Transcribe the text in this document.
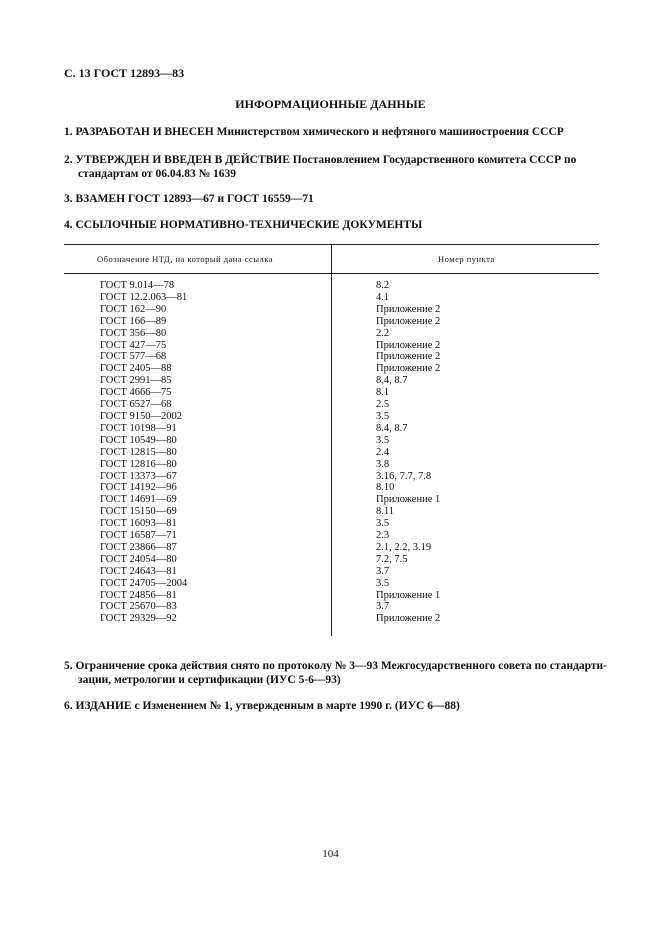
С. 13 ГОСТ 12893—83
ИНФОРМАЦИОННЫЕ ДАННЫЕ
1. РАЗРАБОТАН И ВНЕСЕН Министерством химического и нефтяного машиностроения СССР
2. УТВЕРЖДЕН И ВВЕДЕН В ДЕЙСТВИЕ Постановлением Государственного комитета СССР по
стандартам от 06.04.83 № 1639
3. ВЗАМЕН ГОСТ 12893—67 и ГОСТ 16559—71
4. ССЫЛОЧНЫЕ НОРМАТИВНО-ТЕХНИЧЕСКИЕ ДОКУМЕНТЫ
Обозначение НТД, на который дана ссылка	Номер пункта
ГОСТ 9.014—78
ГОСТ 12.2.063—81
ГОСТ 162—90
ГОСТ 166—89
ГОСТ 356—80
ГОСТ 427—75
ГОСТ 577—68
ГОСТ 2405—88
ГОСТ 2991—85
ГОСТ 4666—75
ГОСТ 6527—68
ГОСТ 9150—2002
ГОСТ 10198—91
ГОСТ 10549—80
ГОСТ 12815—80
ГОСТ 12816—80
ГОСТ 13373—67
ГОСТ 14192—96
ГОСТ 14691—69
ГОСТ 15150—69
ГОСТ 16093—81
ГОСТ 16587—71
ГОСТ 23866—87
ГОСТ 24054—80
ГОСТ 24643—81
ГОСТ 24705—2004
ГОСТ 24856—81
ГОСТ 25670—83
ГОСТ 29329—92
8.2
4.1
Приложение 2
Приложение 2
2.2
Приложение 2
Приложение 2
Приложение 2
8,4, 8.7
8.1
2.5
3.5
8.4, 8.7
3.5
2.4
3.8
3.16, 7.7, 7.8
8.10
Приложение 1
8.11
3.5
2.3
2.1, 2.2, 3.19
7.2, 7.5
3.7
3.5
Приложение 1
3.7
Приложение 2
5. Ограничение срока действия снято по протоколу № 3—93 Межгосударственного совета по стандарти-
зации, метрологии и сертификации (ИУС 5-6—93)
6. ИЗДАНИЕ с Изменением № 1, утвержденным в марте 1990 г. (ИУС 6—88)
104
